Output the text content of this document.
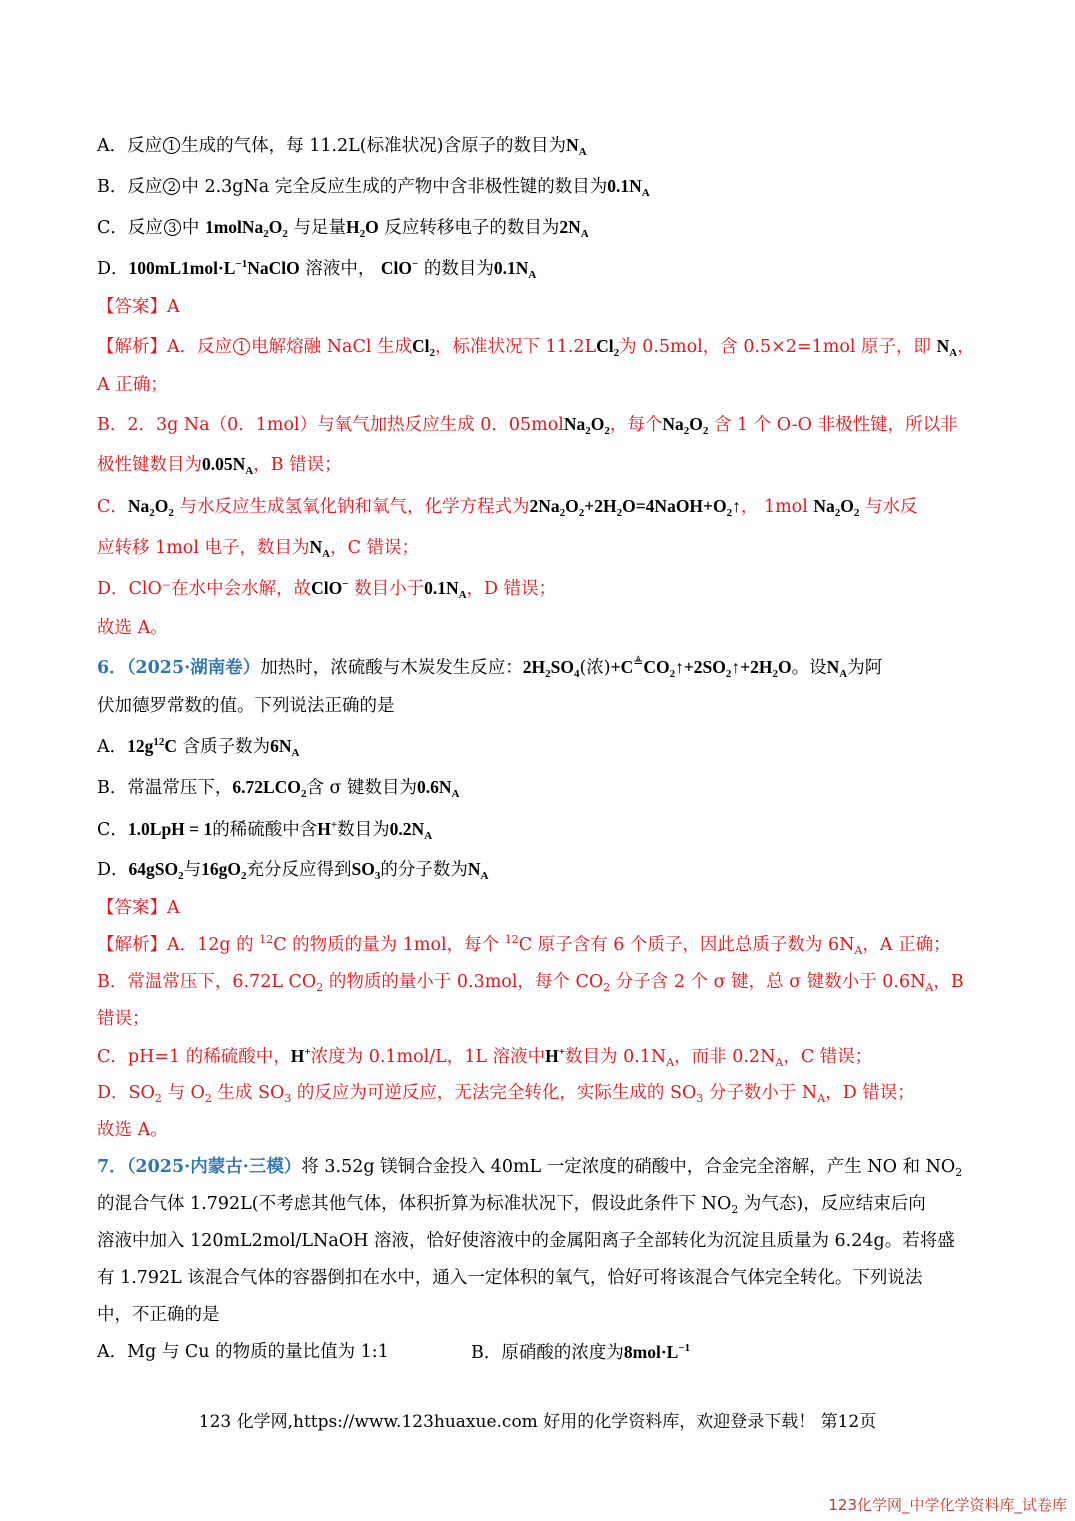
A．反应 1 生成的气体，每 11.2L(标准状况)含原子的数目为$N_A$
B．反应 2 中 2.3gNa 完全反应生成的产物中含非极性键的数目为$0.1N_A$
C．反应 3 中 $1molNa_2O_2$ 与足量$H_2O$ 反应转移电子的数目为$2N_A$
D．$100mL1mol\cdot L^{-1}NaClO$ 溶液中， ClO− 的数目为$0.1N_A$
【答案】A
【解析】A．反应 1 电解熔融 NaCl 生成$Cl_2$，标准状况下 11.2LCl$_2$为 0.5mol，含 0.5×2=1mol 原子，即 $N_A$，
A 正确；
B．2．3g Na（0．1mol）与氧气加热反应生成 0．$05molNa_2O_2$，每个$Na_2O_2$ 含 1 个 O-O 非极性键，所以非
极性键数目为$0.05N_A$，B 错误；
C．$Na_2O_2$ 与水反应生成氢氧化钠和氧气，化学方程式为$2Na_2O_2+2H_2O=4NaOH+O_2↑$， 1mol $Na_2O_2$ 与水反
应转移 1mol 电子，数目为$N_A$，C 错误；
D．ClO⁻在水中会水解，故ClO− 数目小于$0.1N_A$，D 错误；
故选 A。
6．（2025·湖南卷）加热时，浓硫酸与木炭发生反应：$2H_2SO_4$(浓)$+C^≜CO_2↑+2SO_2↑+2H_2O$。设$N_A$为阿
伏加德罗常数的值。下列说法正确的是
A．$12g^{12}C$ 含质子数为$6N_A$
B．常温常压下，$6.72LCO_2$含 σ 键数目为$0.6N_A$
C．1.0LpH = 1的稀硫酸中含H+数目为$0.2N_A$
D．64gSO$_2$与$16gO_2$充分反应得到$SO_3$的分子数为$N_A$
【答案】A
【解析】A．12g 的 $^{12}$C 的物质的量为 1mol，每个 $^{12}$C 原子含有 6 个质子，因此总质子数为 $6N_A$，A 正确；
B．常温常压下，6.72L $CO_2$ 的物质的量小于 0.3mol，每个 $CO_2$ 分子含 2 个 σ 键，总 σ 键数小于 $0.6N_A$，B
错误；
C．pH=1 的稀硫酸中，H+浓度为 0.1mol/L，1L 溶液中H+数目为 $0.1N_A$，而非 $0.2N_A$，C 错误；
D．$SO_2$ 与 $O_2$ 生成 $SO_3$ 的反应为可逆反应，无法完全转化，实际生成的 $SO_3$ 分子数小于 $N_A$，D 错误；
故选 A。
7．（2025·内蒙古·三模）将 3.52g 镁铜合金投入 40mL 一定浓度的硝酸中，合金完全溶解，产生 NO 和 $NO_2$
的混合气体 1.792L(不考虑其他气体，体积折算为标准状况下，假设此条件下 $NO_2$ 为气态)，反应结束后向
溶液中加入 120mL2mol/LNaOH 溶液，恰好使溶液中的金属阳离子全部转化为沉淀且质量为 6.24g。若将盛
有 1.792L 该混合气体的容器倒扣在水中，通入一定体积的氧气，恰好可将该混合气体完全转化。下列说法
中，不正确的是
A．Mg 与 Cu 的物质的量比值为 1:1	B．原硝酸的浓度为$8mol\cdot L^{-1}$
123 化学网,https://www.123huaxue.com 好用的化学资料库，欢迎登录下载！ 第12页
123化学网_中学化学资料库_试卷库
